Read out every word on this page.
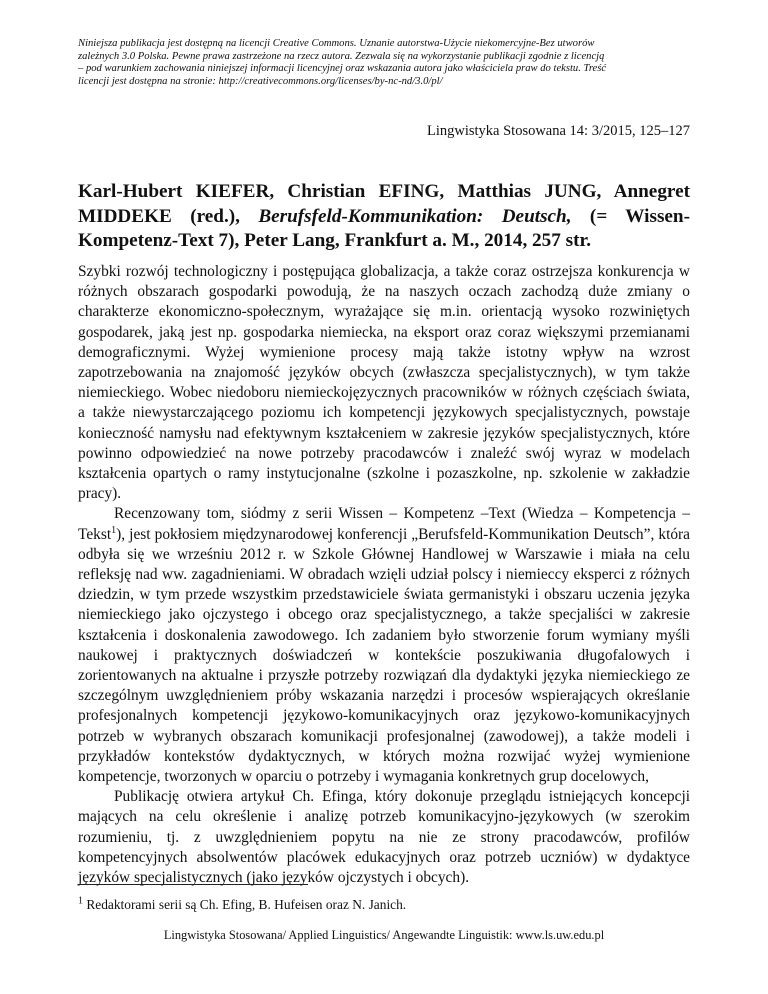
Niniejsza publikacja jest dostępną na licencji Creative Commons. Uznanie autorstwa-Użycie niekomercyjne-Bez utworów
zależnych 3.0 Polska. Pewne prawa zastrzeżone na rzecz autora. Zezwala się na wykorzystanie publikacji zgodnie z licencją
– pod warunkiem zachowania niniejszej informacji licencyjnej oraz wskazania autora jako właściciela praw do tekstu. Treść
licencji jest dostępna na stronie: http://creativecommons.org/licenses/by-nc-nd/3.0/pl/
Lingwistyka Stosowana 14: 3/2015, 125–127
Karl-Hubert KIEFER, Christian EFING, Matthias JUNG, Annegret MIDDEKE (red.), Berufsfeld-Kommunikation: Deutsch, (= Wissen-Kompetenz-Text 7), Peter Lang, Frankfurt a. M., 2014, 257 str.

Szybki rozwój technologiczny i postępująca globalizacja, a także coraz ostrzejsza konkurencja w różnych obszarach gospodarki powodują, że na naszych oczach zachodzą duże zmiany o charakterze ekonomiczno-społecznym, wyrażające się m.in. orientacją wysoko rozwiniętych gospodarek, jaką jest np. gospodarka niemiecka, na eksport oraz coraz większymi przemianami demograficznymi. Wyżej wymienione procesy mają także istotny wpływ na wzrost zapotrzebowania na znajomość języków obcych (zwłaszcza specjalistycznych), w tym także niemieckiego. Wobec niedoboru niemieckojęzycznych pracowników w różnych częściach świata, a także niewystarczającego poziomu ich kompetencji językowych specjalistycznych, powstaje konieczność namysłu nad efektywnym kształceniem w zakresie języków specjalistycznych, które powinno odpowiedzieć na nowe potrzeby pracodawców i znaleźć swój wyraz w modelach kształcenia opartych o ramy instytucjonalne (szkolne i pozaszkolne, np. szkolenie w zakładzie pracy).

Recenzowany tom, siódmy z serii Wissen – Kompetenz –Text (Wiedza – Kompetencja – Tekst$^1$), jest pokłosiem międzynarodowej konferencji „Berufsfeld-Kommunikation Deutsch”, która odbyła się we wrześniu 2012 r. w Szkole Głównej Handlowej w Warszawie i miała na celu refleksję nad ww. zagadnieniami. W obradach wzięli udział polscy i niemieccy eksperci z różnych dziedzin, w tym przede wszystkim przedstawiciele świata germanistyki i obszaru uczenia języka niemieckiego jako ojczystego i obcego oraz specjalistycznego, a także specjaliści w zakresie kształcenia i doskonalenia zawodowego. Ich zadaniem było stworzenie forum wymiany myśli naukowej i praktycznych doświadczeń w kontekście poszukiwania długofalowych i zorientowanych na aktualne i przyszłe potrzeby rozwiązań dla dydaktyki języka niemieckiego ze szczególnym uwzględnieniem próby wskazania narzędzi i procesów wspierających określanie profesjonalnych kompetencji językowo-komunikacyjnych oraz językowo-komunikacyjnych potrzeb w wybranych obszarach komunikacji profesjonalnej (zawodowej), a także modeli i przykładów kontekstów dydaktycznych, w których można rozwijać wyżej wymienione kompetencje, tworzonych w oparciu o potrzeby i wymagania konkretnych grup docelowych,

Publikację otwiera artykuł Ch. Efinga, który dokonuje przeglądu istniejących koncepcji mających na celu określenie i analizę potrzeb komunikacyjno-językowych (w szerokim rozumieniu, tj. z uwzględnieniem popytu na nie ze strony pracodawców, profilów kompetencyjnych absolwentów placówek edukacyjnych oraz potrzeb uczniów) w dydaktyce języków specjalistycznych (jako języków ojczystych i obcych).

$^1$ Redaktorami serii są Ch. Efing, B. Hufeisen oraz N. Janich.
Lingwistyka Stosowana/ Applied Linguistics/ Angewandte Linguistik: www.ls.uw.edu.pl
